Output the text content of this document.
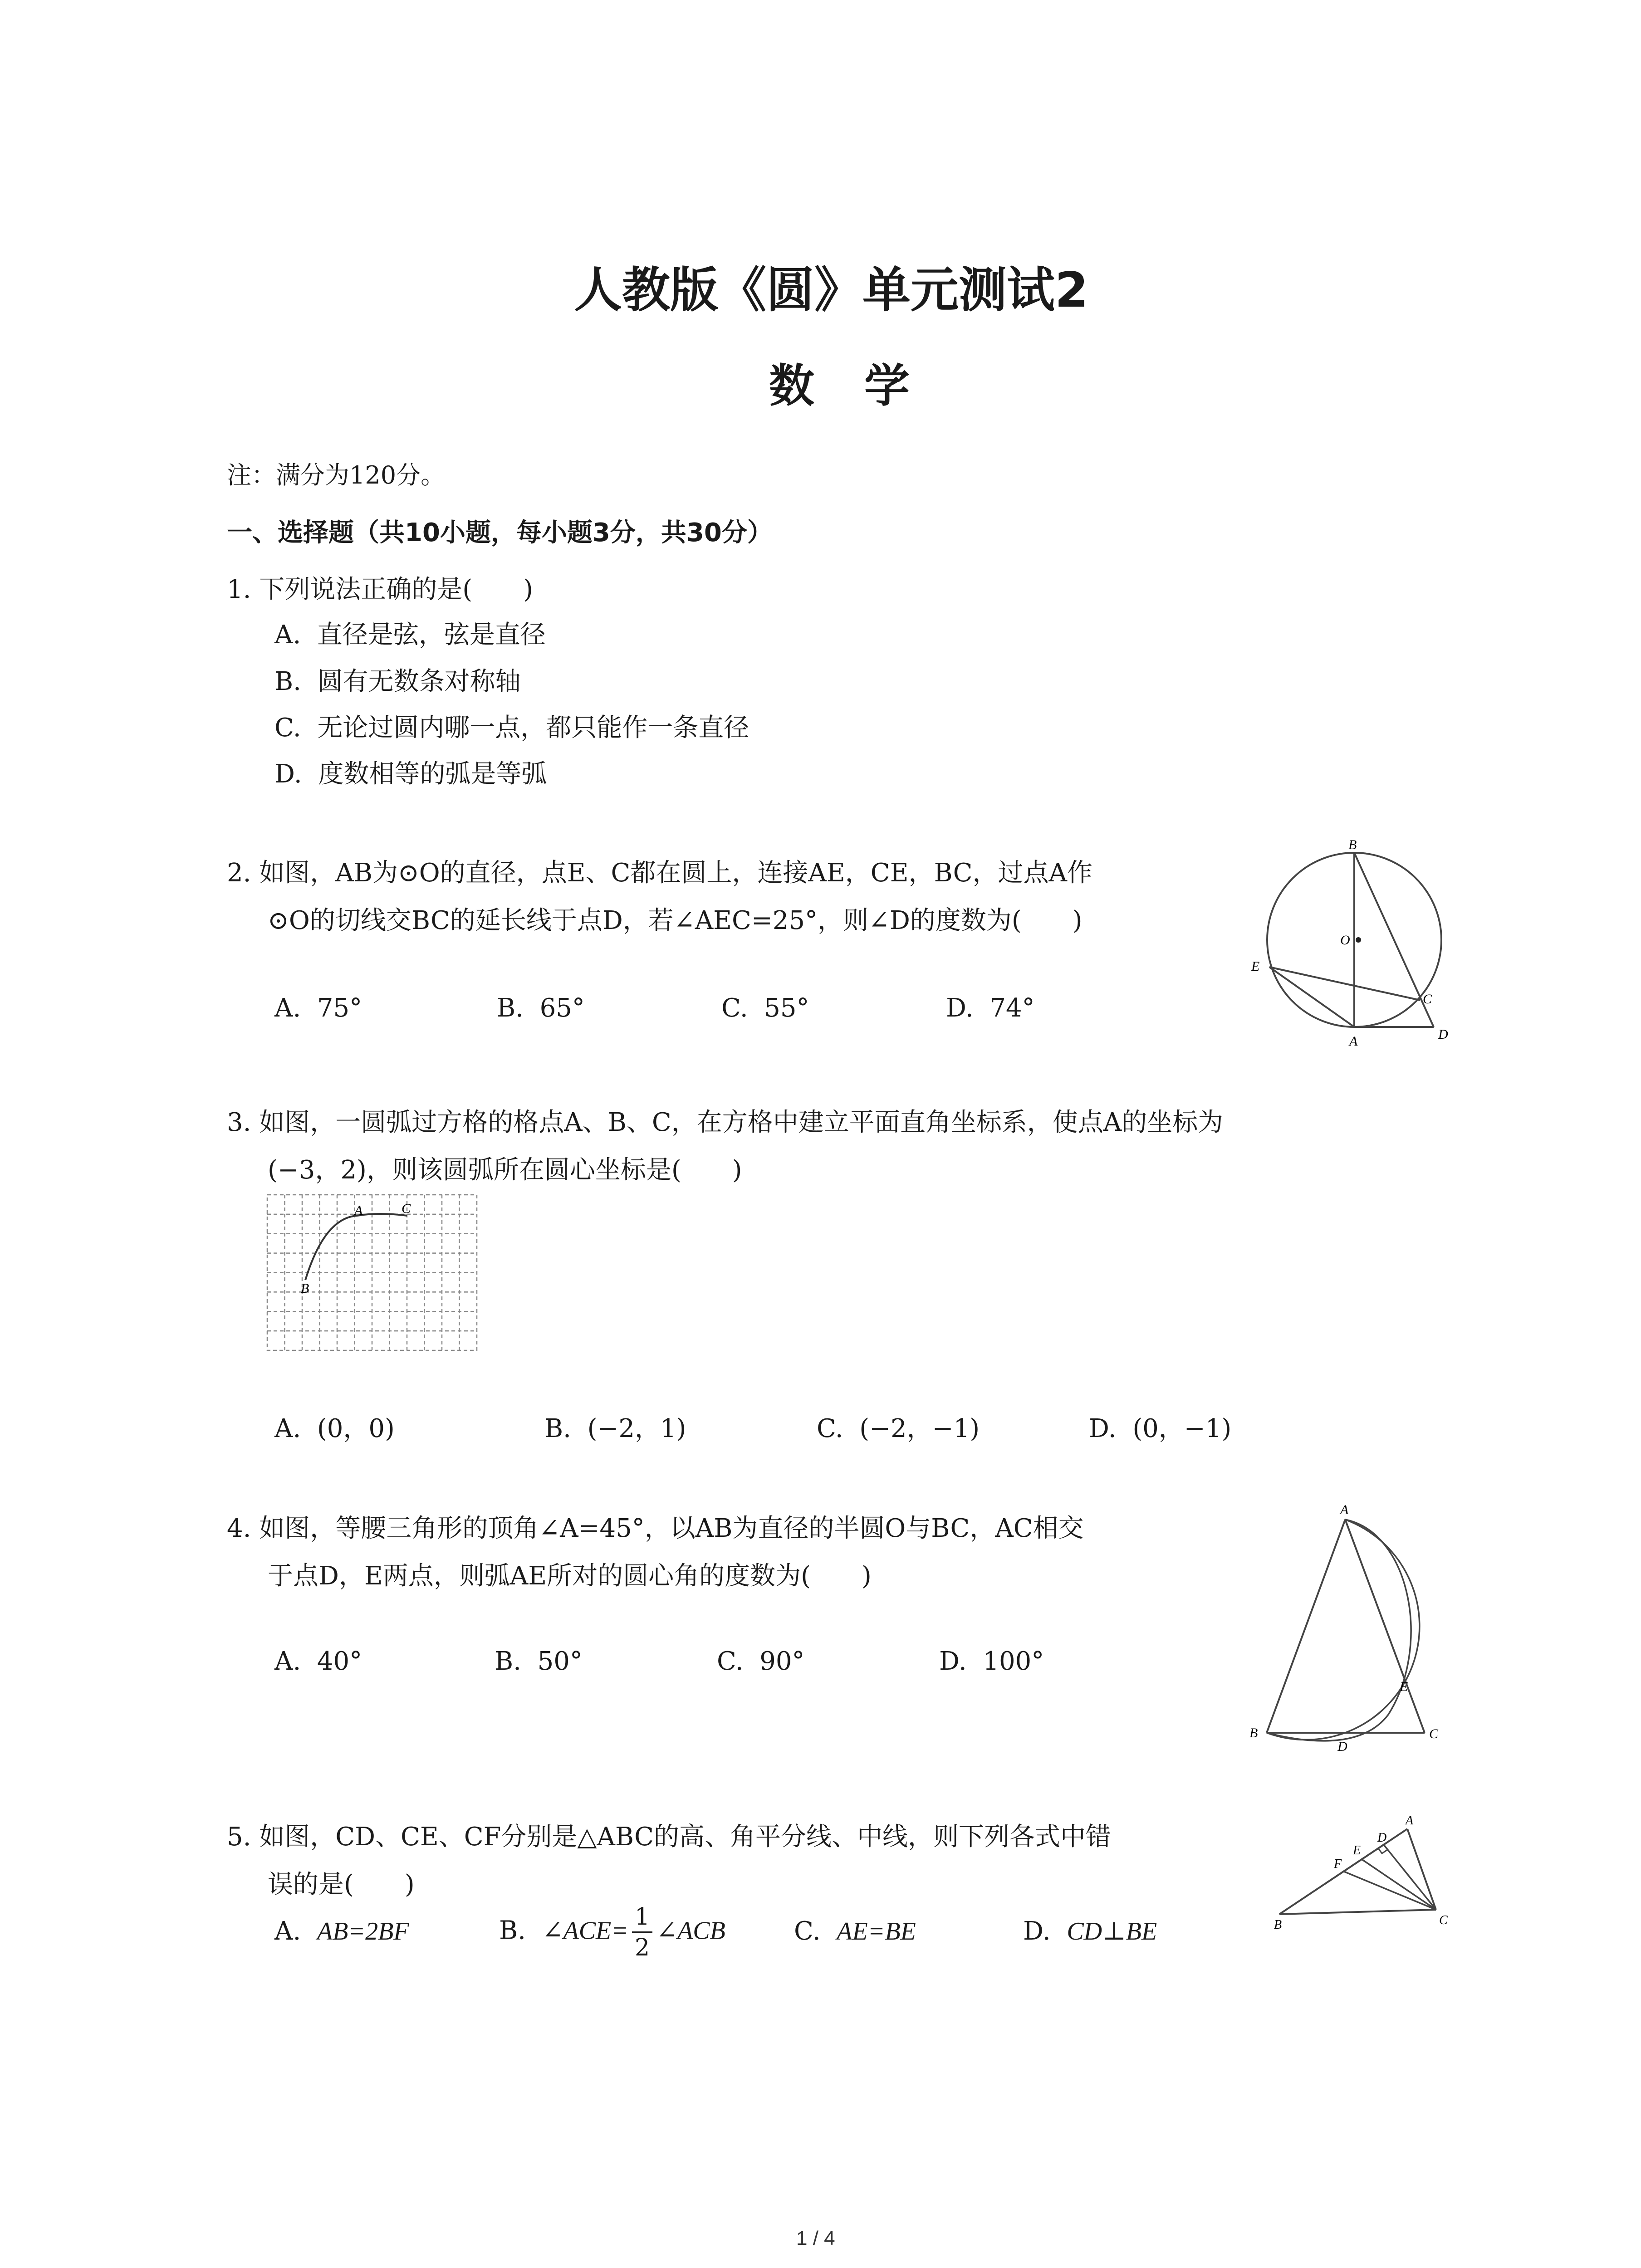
人教版《圆》单元测试2
数学
注：满分为120分。
一、选择题（共10小题，每小题3分，共30分）
1. 下列说法正确的是(　　)
A. 直径是弦，弦是直径
B. 圆有无数条对称轴
C. 无论过圆内哪一点，都只能作一条直径
D. 度数相等的弧是等弧
2. 如图，AB为⊙O的直径，点E、C都在圆上，连接AE，CE，BC，过点A作
⊙O的切线交BC的延长线于点D，若∠AEC=25°，则∠D的度数为(　　)
A. 75°	B. 65°	C. 55°	D. 74°
B
O
E
C
A	D
3. 如图，一圆弧过方格的格点A、B、C，在方格中建立平面直角坐标系，使点A的坐标为
(−3，2)，则该圆弧所在圆心坐标是(　　)
A	C
B
A. (0，0)	B. (−2，1)	C. (−2，−1)	D. (0，−1)
4. 如图，等腰三角形的顶角∠A=45°，以AB为直径的半圆O与BC，AC相交
于点D，E两点，则弧AE所对的圆心角的度数为(　　)
A. 40°	B. 50°	C. 90°	D. 100°
A
B	C
D
E
5. 如图，CD、CE、CF分别是△ABC的高、角平分线、中线，则下列各式中错
误的是(　　)
A. AB=2BF	B. ∠ACE= $\frac{1}{2}$ ∠ACB	C. AE=BE	D. CD⊥BE
A
D
E
F
B	C
1 / 4
